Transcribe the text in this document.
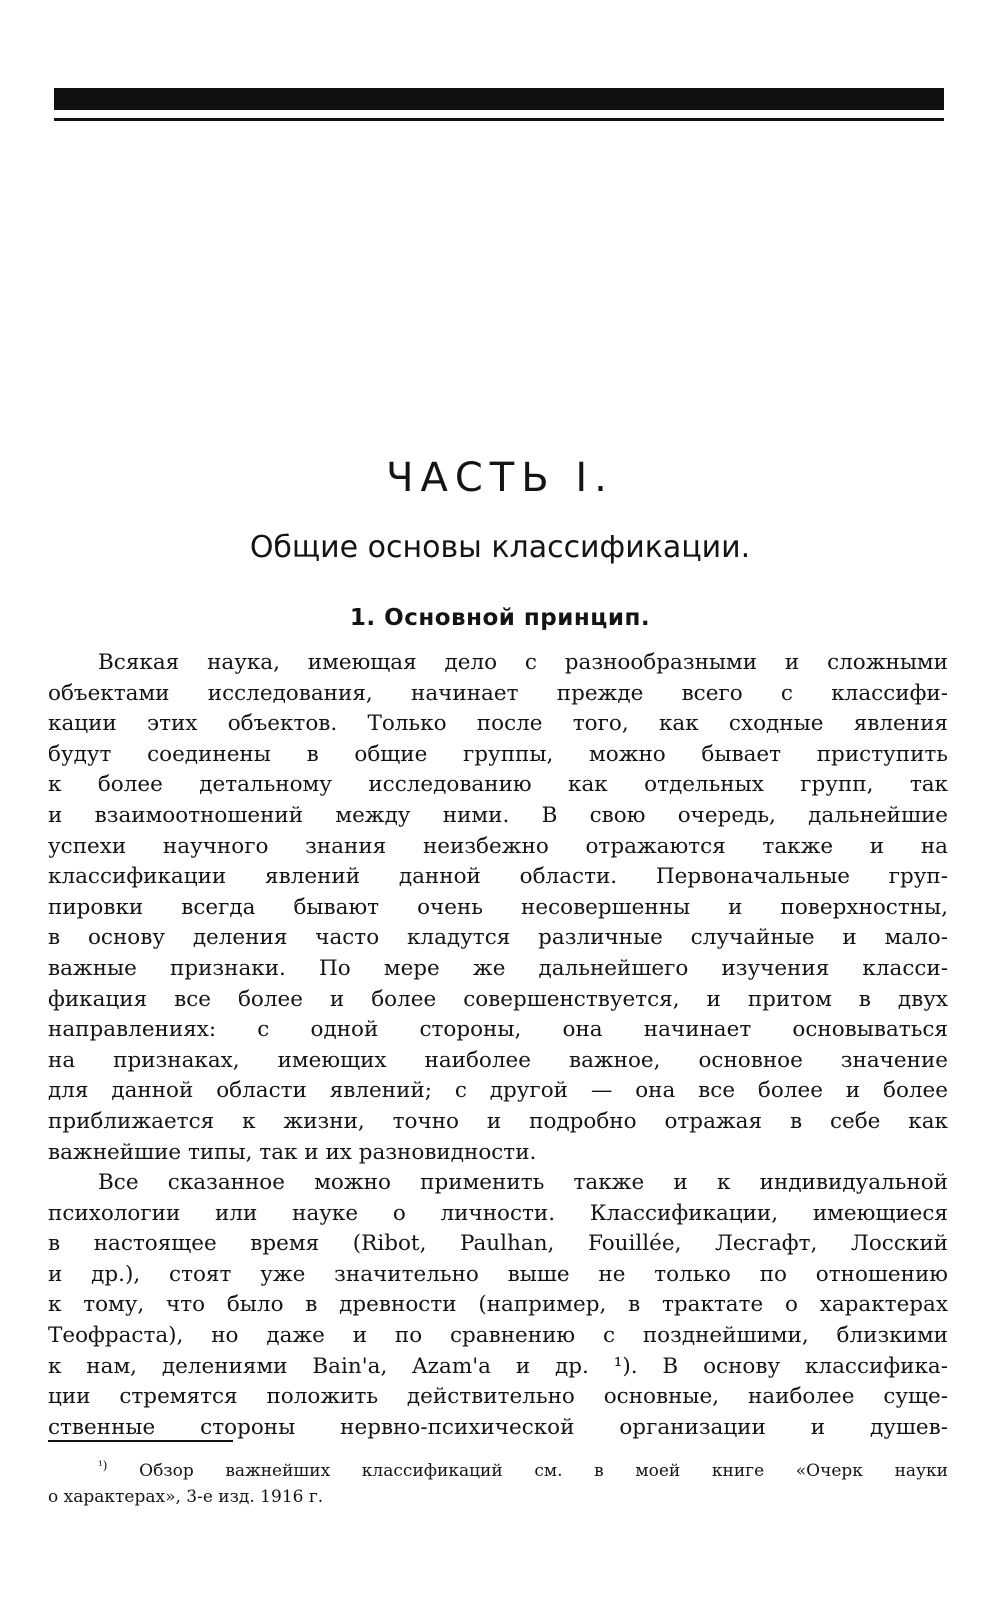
ЧАСТЬ I.
Общие основы классификации.
1. Основной принцип.
Всякая наука, имеющая дело с разнообразными и сложными
объектами исследования, начинает прежде всего с классифи-
кации этих объектов. Только после того, как сходные явления
будут соединены в общие группы, можно бывает приступить
к более детальному исследованию как отдельных групп, так
и взаимоотношений между ними. В свою очередь, дальнейшие
успехи научного знания неизбежно отражаются также и на
классификации явлений данной области. Первоначальные груп-
пировки всегда бывают очень несовершенны и поверхностны,
в основу деления часто кладутся различные случайные и мало-
важные признаки. По мере же дальнейшего изучения класси-
фикация все более и более совершенствуется, и притом в двух
направлениях: с одной стороны, она начинает основываться
на признаках, имеющих наиболее важное, основное значение
для данной области явлений; с другой — она все более и более
приближается к жизни, точно и подробно отражая в себе как
важнейшие типы, так и их разновидности.
Все сказанное можно применить также и к индивидуальной
психологии или науке о личности. Классификации, имеющиеся
в настоящее время (Ribot, Paulhan, Fouillée, Лесгафт, Лосский
и др.), стоят уже значительно выше не только по отношению
к тому, что было в древности (например, в трактате о характерах
Теофраста), но даже и по сравнению с позднейшими, близкими
к нам, делениями Bain'a, Azam'a и др. ¹). В основу классифика-
ции стремятся положить действительно основные, наиболее суще-
ственные стороны нервно-психической организации и душев-
$^{^1)}$ Обзор важнейших классификаций см. в моей книге «Очерк науки
о характерах», 3-е изд. 1916 г.
